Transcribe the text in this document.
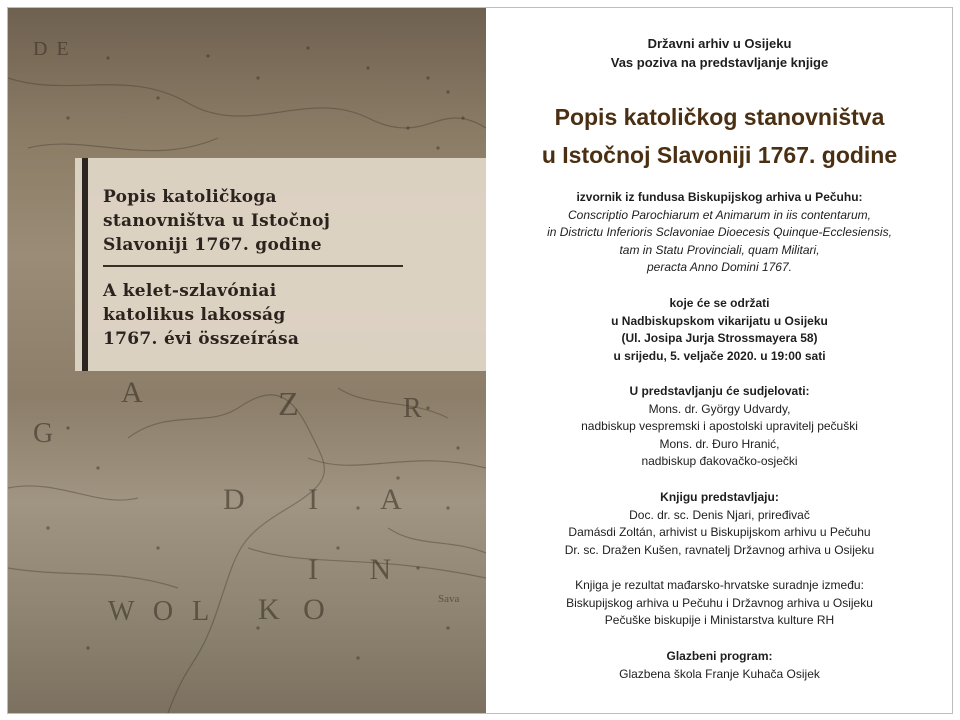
D E
Z
A	R
D I A
I N
W O L K O
G
Sava
Popis katoličkoga
stanovništva u Istočnoj
Slavoniji 1767. godine
A kelet-szlavóniai
katolikus lakosság
1767. évi összeírása
Državni arhiv u Osijeku
Vas poziva na predstavljanje knjige
Popis katoličkog stanovništva
u Istočnoj Slavoniji 1767. godine
izvornik iz fundusa Biskupijskog arhiva u Pečuhu:
Conscriptio Parochiarum et Animarum in iis contentarum,
in Districtu Inferioris Sclavoniae Dioecesis Quinque-Ecclesiensis,
tam in Statu Provinciali, quam Militari,
peracta Anno Domini 1767.
koje će se održati
u Nadbiskupskom vikarijatu u Osijeku
(Ul. Josipa Jurja Strossmayera 58)
u srijedu, 5. veljače 2020. u 19:00 sati
U predstavljanju će sudjelovati:
Mons. dr. György Udvardy,
nadbiskup vespremski i apostolski upravitelj pečuški
Mons. dr. Đuro Hranić,
nadbiskup đakovačko-osječki
Knjigu predstavljaju:
Doc. dr. sc. Denis Njari, priređivač
Damásdi Zoltán, arhivist u Biskupijskom arhivu u Pečuhu
Dr. sc. Dražen Kušen, ravnatelj Državnog arhiva u Osijeku
Knjiga je rezultat mađarsko-hrvatske suradnje između:
Biskupijskog arhiva u Pečuhu i Državnog arhiva u Osijeku
Pečuške biskupije i Ministarstva kulture RH
Glazbeni program:
Glazbena škola Franje Kuhača Osijek
